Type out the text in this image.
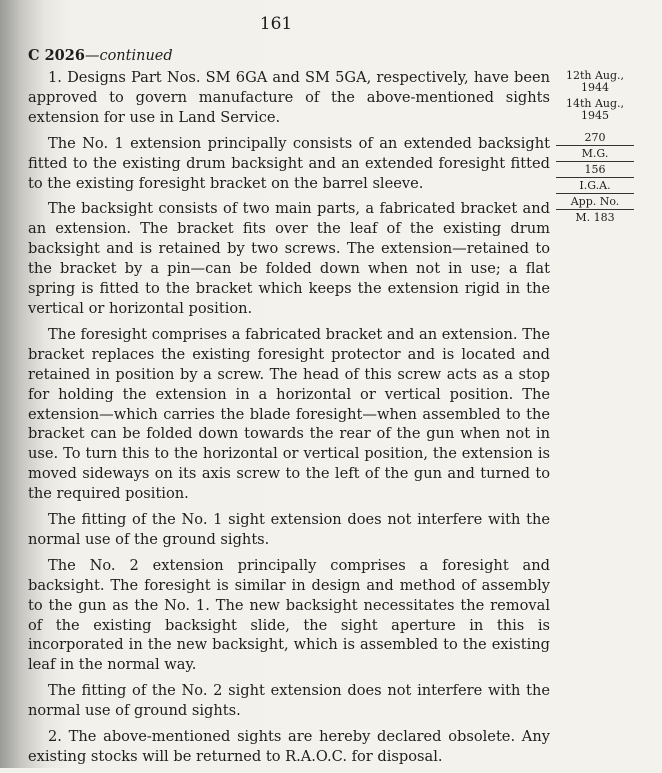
161
C 2026—continued

1. Designs Part Nos. SM 6GA and SM 5GA, respectively, have been approved to govern manufacture of the above-mentioned sights extension for use in Land Service.

The No. 1 extension principally consists of an extended backsight fitted to the existing drum backsight and an extended foresight fitted to the existing foresight bracket on the barrel sleeve.

The backsight consists of two main parts, a fabricated bracket and an extension. The bracket fits over the leaf of the existing drum backsight and is retained by two screws. The extension—retained to the bracket by a pin—can be folded down when not in use; a flat spring is fitted to the bracket which keeps the extension rigid in the vertical or horizontal position.

The foresight comprises a fabricated bracket and an extension. The bracket replaces the existing foresight protector and is located and retained in position by a screw. The head of this screw acts as a stop for holding the extension in a horizontal or vertical position. The extension—which carries the blade foresight—when assembled to the bracket can be folded down towards the rear of the gun when not in use. To turn this to the horizontal or vertical position, the extension is moved sideways on its axis screw to the left of the gun and turned to the required position.

The fitting of the No. 1 sight extension does not interfere with the normal use of the ground sights.

The No. 2 extension principally comprises a foresight and backsight. The foresight is similar in design and method of assembly to the gun as the No. 1. The new backsight necessitates the removal of the existing backsight slide, the sight aperture in this is incorporated in the new backsight, which is assembled to the existing leaf in the normal way.

The fitting of the No. 2 sight extension does not interfere with the normal use of ground sights.

2. The above-mentioned sights are hereby declared obsolete. Any existing stocks will be returned to R.A.O.C. for disposal.

12th Aug.,
1944
14th Aug.,
1945
270
M.G.
156
I.G.A.
App. No.
M. 183
